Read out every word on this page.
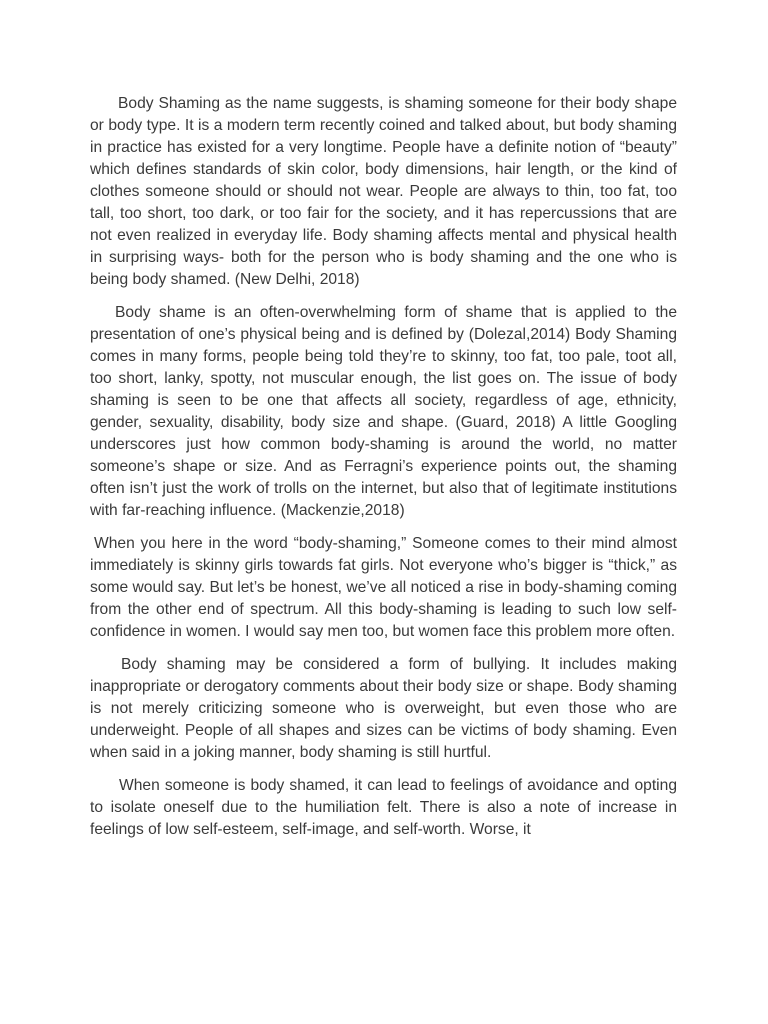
Body Shaming as the name suggests, is shaming someone for their body shape or body type. It is a modern term recently coined and talked about, but body shaming in practice has existed for a very longtime. People have a definite notion of “beauty” which defines standards of skin color, body dimensions, hair length, or the kind of clothes someone should or should not wear. People are always to thin, too fat, too tall, too short, too dark, or too fair for the society, and it has repercussions that are not even realized in everyday life. Body shaming affects mental and physical health in surprising ways- both for the person who is body shaming and the one who is being body shamed. (New Delhi, 2018)

Body shame is an often-overwhelming form of shame that is applied to the presentation of one’s physical being and is defined by (Dolezal,2014) Body Shaming comes in many forms, people being told they’re to skinny, too fat, too pale, toot all, too short, lanky, spotty, not muscular enough, the list goes on. The issue of body shaming is seen to be one that affects all society, regardless of age, ethnicity, gender, sexuality, disability, body size and shape. (Guard, 2018) A little Googling underscores just how common body-shaming is around the world, no matter someone’s shape or size. And as Ferragni’s experience points out, the shaming often isn’t just the work of trolls on the internet, but also that of legitimate institutions with far-reaching influence. (Mackenzie,2018)

When you here in the word “body-shaming,” Someone comes to their mind almost immediately is skinny girls towards fat girls. Not everyone who’s bigger is “thick,” as some would say. But let’s be honest, we’ve all noticed a rise in body-shaming coming from the other end of spectrum. All this body-shaming is leading to such low self-confidence in women. I would say men too, but women face this problem more often.

Body shaming may be considered a form of bullying. It includes making inappropriate or derogatory comments about their body size or shape. Body shaming is not merely criticizing someone who is overweight, but even those who are underweight. People of all shapes and sizes can be victims of body shaming. Even when said in a joking manner, body shaming is still hurtful.

When someone is body shamed, it can lead to feelings of avoidance and opting to isolate oneself due to the humiliation felt. There is also a note of increase in feelings of low self-esteem, self-image, and self-worth. Worse, it
